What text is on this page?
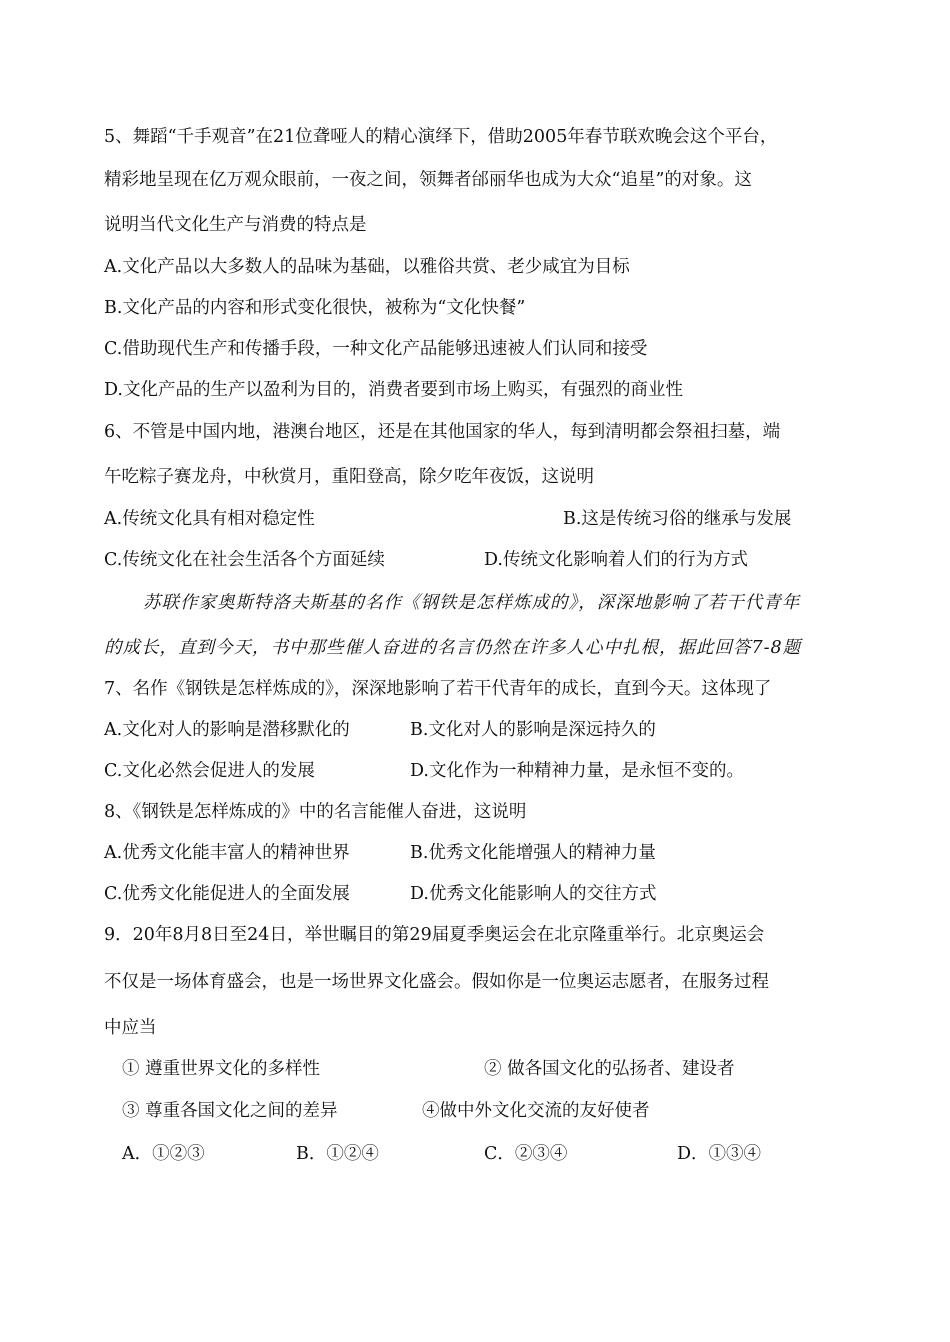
5、舞蹈“千手观音”在21位聋哑人的精心演绎下，借助2005年春节联欢晚会这个平台，
精彩地呈现在亿万观众眼前，一夜之间，领舞者邰丽华也成为大众“追星”的对象。这
说明当代文化生产与消费的特点是
A.文化产品以大多数人的品味为基础，以雅俗共赏、老少咸宜为目标
B.文化产品的内容和形式变化很快，被称为“文化快餐”
C.借助现代生产和传播手段，一种文化产品能够迅速被人们认同和接受
D.文化产品的生产以盈利为目的，消费者要到市场上购买，有强烈的商业性
6、不管是中国内地，港澳台地区，还是在其他国家的华人，每到清明都会祭祖扫墓，端
午吃粽子赛龙舟，中秋赏月，重阳登高，除夕吃年夜饭，这说明
A.传统文化具有相对稳定性	B.这是传统习俗的继承与发展
C.传统文化在社会生活各个方面延续	D.传统文化影响着人们的行为方式
苏联作家奥斯特洛夫斯基的名作《钢铁是怎样炼成的》，深深地影响了若干代青年
的成长，直到今天，书中那些催人奋进的名言仍然在许多人心中扎根，据此回答7-8题
7、名作《钢铁是怎样炼成的》，深深地影响了若干代青年的成长，直到今天。这体现了
A.文化对人的影响是潜移默化的	B.文化对人的影响是深远持久的
C.文化必然会促进人的发展	D.文化作为一种精神力量，是永恒不变的。
8、《钢铁是怎样炼成的》中的名言能催人奋进，这说明
A.优秀文化能丰富人的精神世界	B.优秀文化能增强人的精神力量
C.优秀文化能促进人的全面发展	D.优秀文化能影响人的交往方式
9．20年8月8日至24日，举世瞩目的第29届夏季奥运会在北京隆重举行。北京奥运会
不仅是一场体育盛会，也是一场世界文化盛会。假如你是一位奥运志愿者，在服务过程
中应当
① 遵重世界文化的多样性	② 做各国文化的弘扬者、建设者
③ 尊重各国文化之间的差异	④做中外文化交流的友好使者
A．①②③	B．①②④	C．②③④	D．①③④
